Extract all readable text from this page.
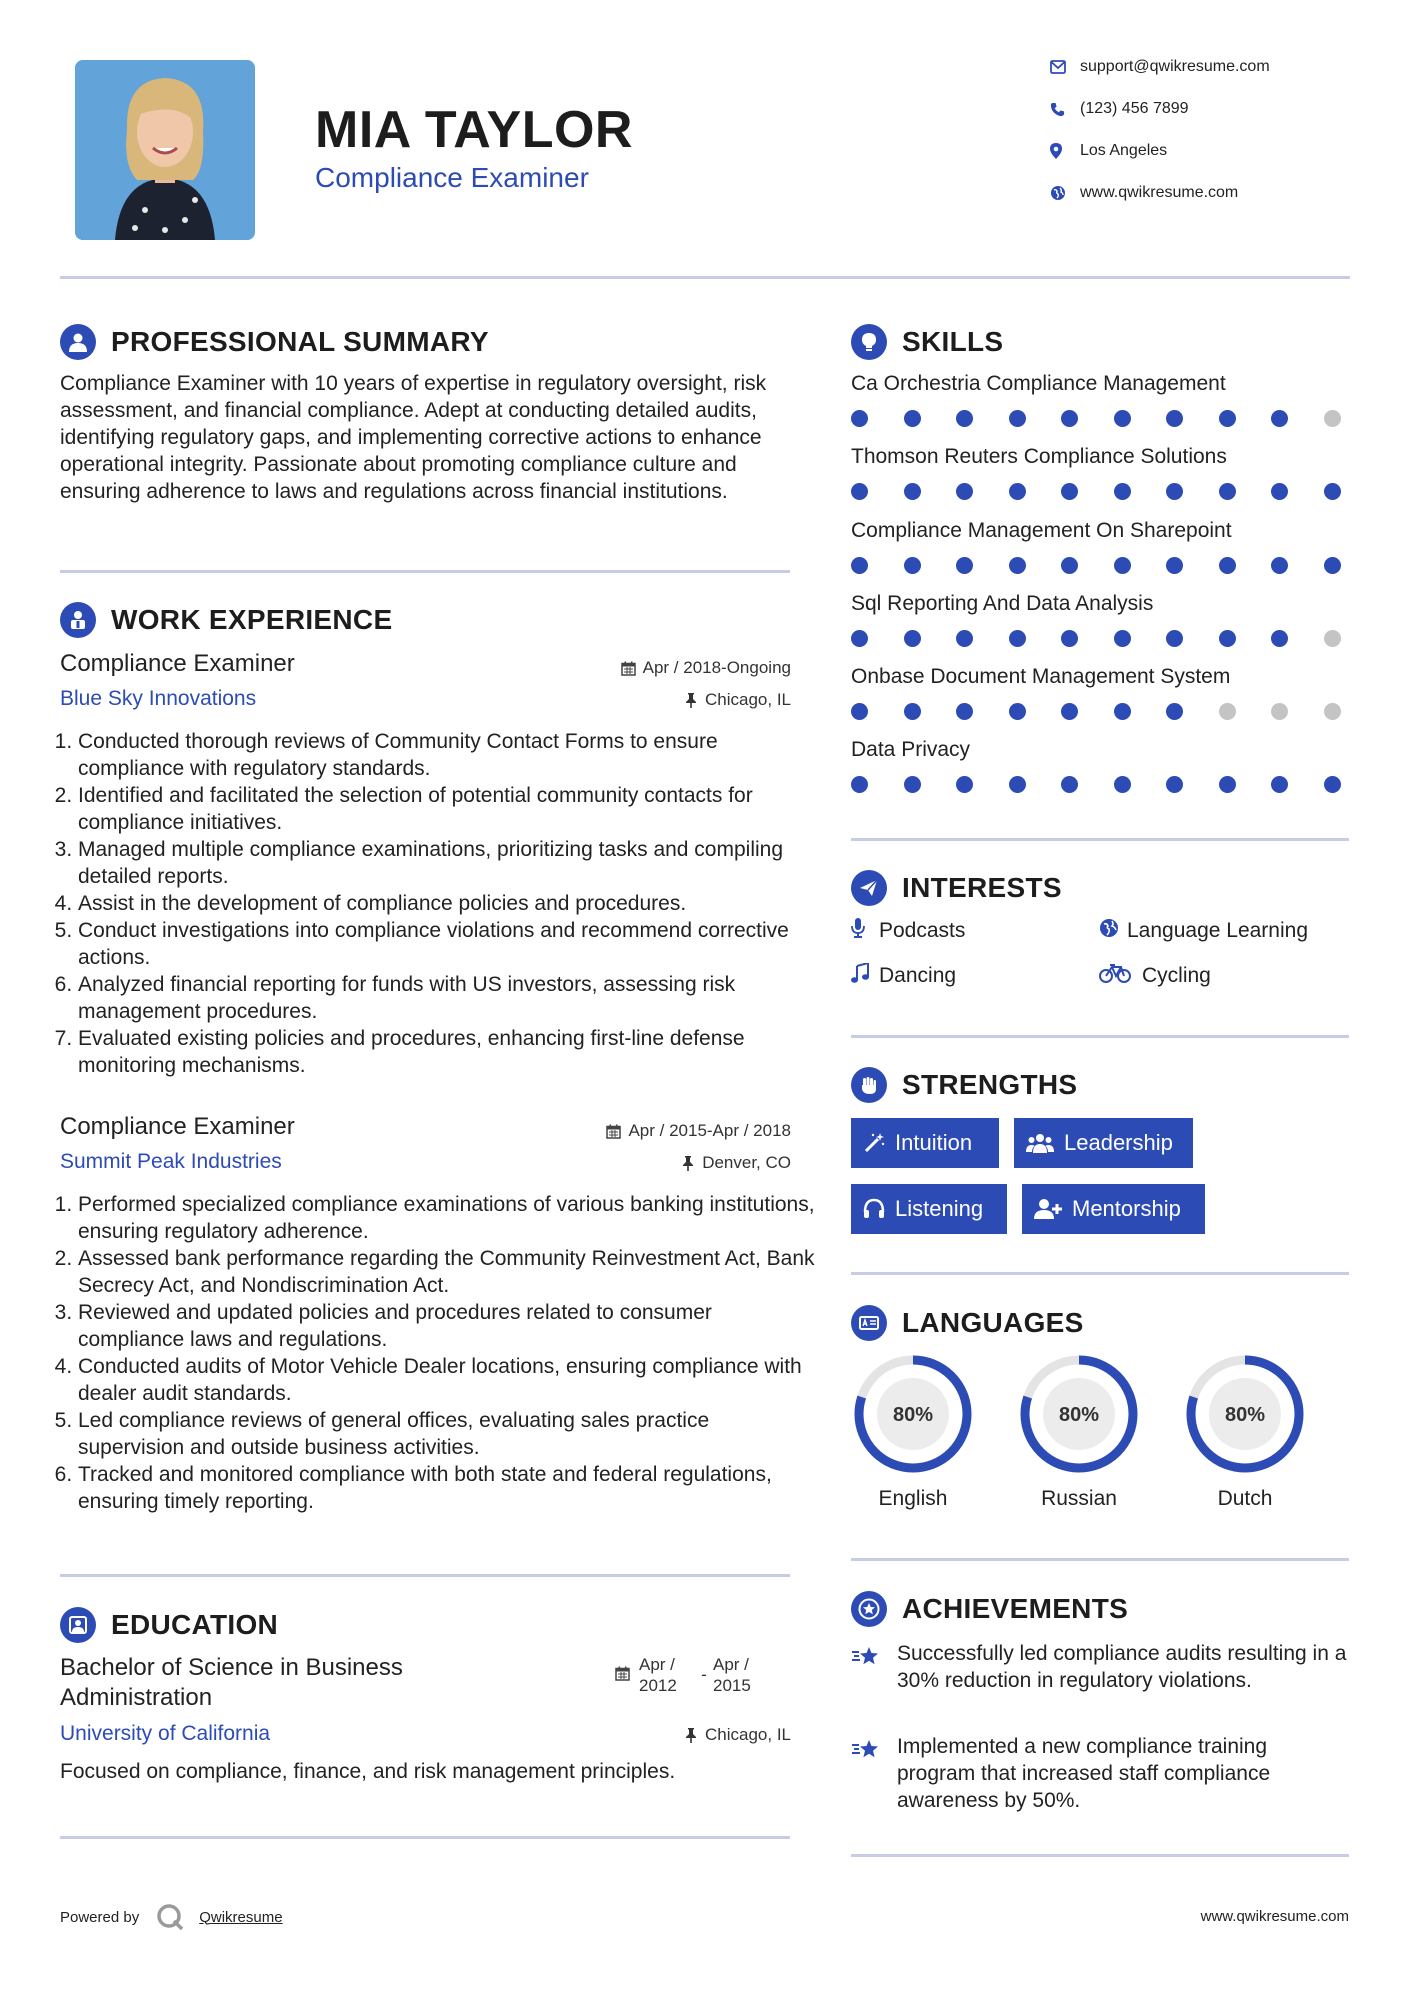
MIA TAYLOR
Compliance Examiner
support@qwikresume.com
(123) 456 7899
Los Angeles
www.qwikresume.com
PROFESSIONAL SUMMARY
Compliance Examiner with 10 years of expertise in regulatory oversight, risk assessment, and financial compliance. Adept at conducting detailed audits, identifying regulatory gaps, and implementing corrective actions to enhance operational integrity. Passionate about promoting compliance culture and ensuring adherence to laws and regulations across financial institutions.
WORK EXPERIENCE
Compliance Examiner	Apr / 2018-Ongoing
Blue Sky Innovations	Chicago, IL
1. Conducted thorough reviews of Community Contact Forms to ensure compliance with regulatory standards.
2. Identified and facilitated the selection of potential community contacts for compliance initiatives.
3. Managed multiple compliance examinations, prioritizing tasks and compiling detailed reports.
4. Assist in the development of compliance policies and procedures.
5. Conduct investigations into compliance violations and recommend corrective actions.
6. Analyzed financial reporting for funds with US investors, assessing risk management procedures.
7. Evaluated existing policies and procedures, enhancing first-line defense monitoring mechanisms.
Compliance Examiner	Apr / 2015-Apr / 2018
Summit Peak Industries	Denver, CO
1. Performed specialized compliance examinations of various banking institutions, ensuring regulatory adherence.
2. Assessed bank performance regarding the Community Reinvestment Act, Bank Secrecy Act, and Nondiscrimination Act.
3. Reviewed and updated policies and procedures related to consumer compliance laws and regulations.
4. Conducted audits of Motor Vehicle Dealer locations, ensuring compliance with dealer audit standards.
5. Led compliance reviews of general offices, evaluating sales practice supervision and outside business activities.
6. Tracked and monitored compliance with both state and federal regulations, ensuring timely reporting.
EDUCATION
Bachelor of Science in Business Administration
Apr / 2012
-
Apr / 2015
University of California	Chicago, IL
Focused on compliance, finance, and risk management principles.
SKILLS
Ca Orchestria Compliance Management
Thomson Reuters Compliance Solutions
Compliance Management On Sharepoint
Sql Reporting And Data Analysis
Onbase Document Management System
Data Privacy
INTERESTS
Podcasts	Language Learning
Dancing	Cycling
STRENGTHS
Intuition	Leadership
Listening	Mentorship
LANGUAGES
80%
English
80%
Russian
80%
Dutch
ACHIEVEMENTS
Successfully led compliance audits resulting in a 30% reduction in regulatory violations.
Implemented a new compliance training program that increased staff compliance awareness by 50%.
Powered by	Qwikresume	www.qwikresume.com
